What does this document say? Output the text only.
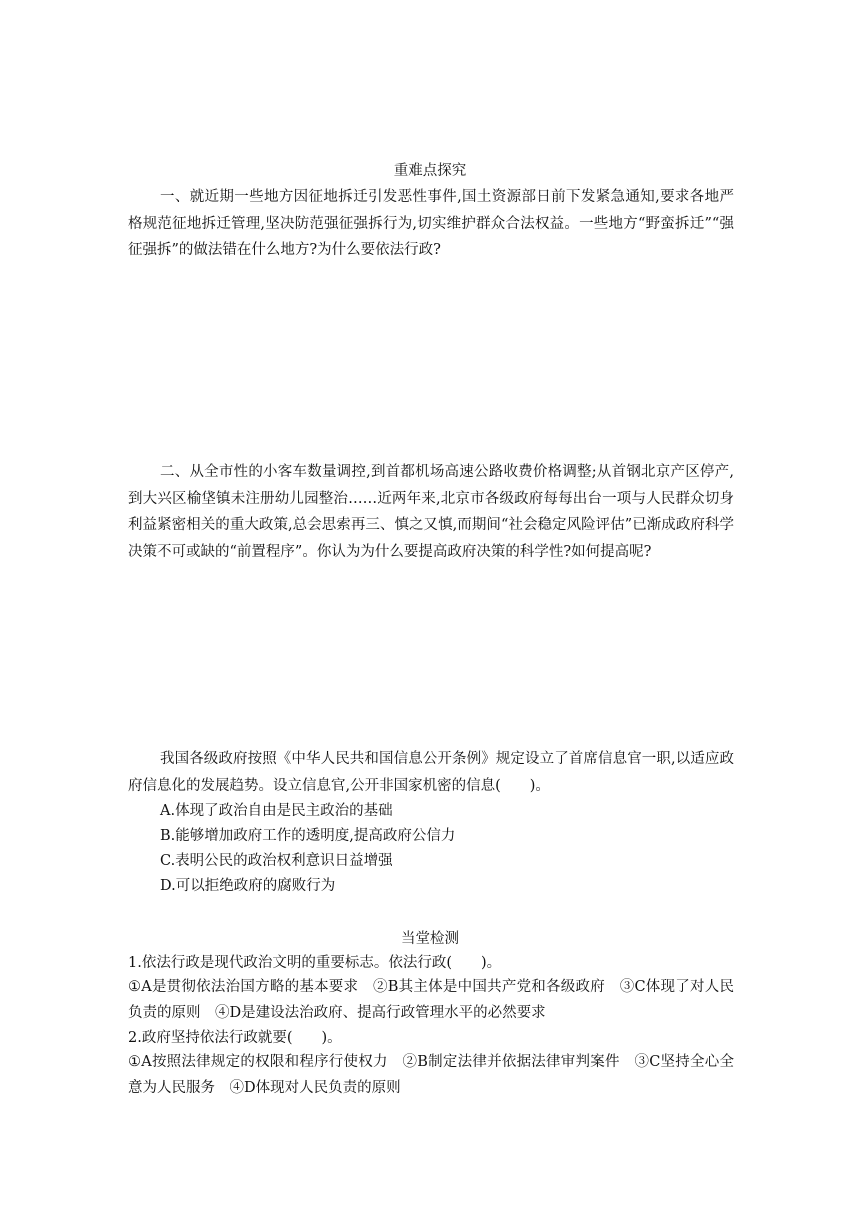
重难点探究

一、就近期一些地方因征地拆迁引发恶性事件,国土资源部日前下发紧急通知,要求各地严格规范征地拆迁管理,坚决防范强征强拆行为,切实维护群众合法权益。一些地方“野蛮拆迁”“强征强拆”的做法错在什么地方?为什么要依法行政?

二、从全市性的小客车数量调控,到首都机场高速公路收费价格调整;从首钢北京产区停产,到大兴区榆垡镇未注册幼儿园整治……近两年来,北京市各级政府每每出台一项与人民群众切身利益紧密相关的重大政策,总会思索再三、慎之又慎,而期间“社会稳定风险评估”已渐成政府科学决策不可或缺的“前置程序”。你认为为什么要提高政府决策的科学性?如何提高呢?

我国各级政府按照《中华人民共和国信息公开条例》规定设立了首席信息官一职,以适应政府信息化的发展趋势。设立信息官,公开非国家机密的信息(　　)。

A.体现了政治自由是民主政治的基础
B.能够增加政府工作的透明度,提高政府公信力
C.表明公民的政治权利意识日益增强
D.可以拒绝政府的腐败行为
当堂检测

1.依法行政是现代政治文明的重要标志。依法行政(　　)。

①A是贯彻依法治国方略的基本要求　②B其主体是中国共产党和各级政府　③C体现了对人民负责的原则　④D是建设法治政府、提高行政管理水平的必然要求

2.政府坚持依法行政就要(　　)。

①A按照法律规定的权限和程序行使权力　②B制定法律并依据法律审判案件　③C坚持全心全意为人民服务　④D体现对人民负责的原则
